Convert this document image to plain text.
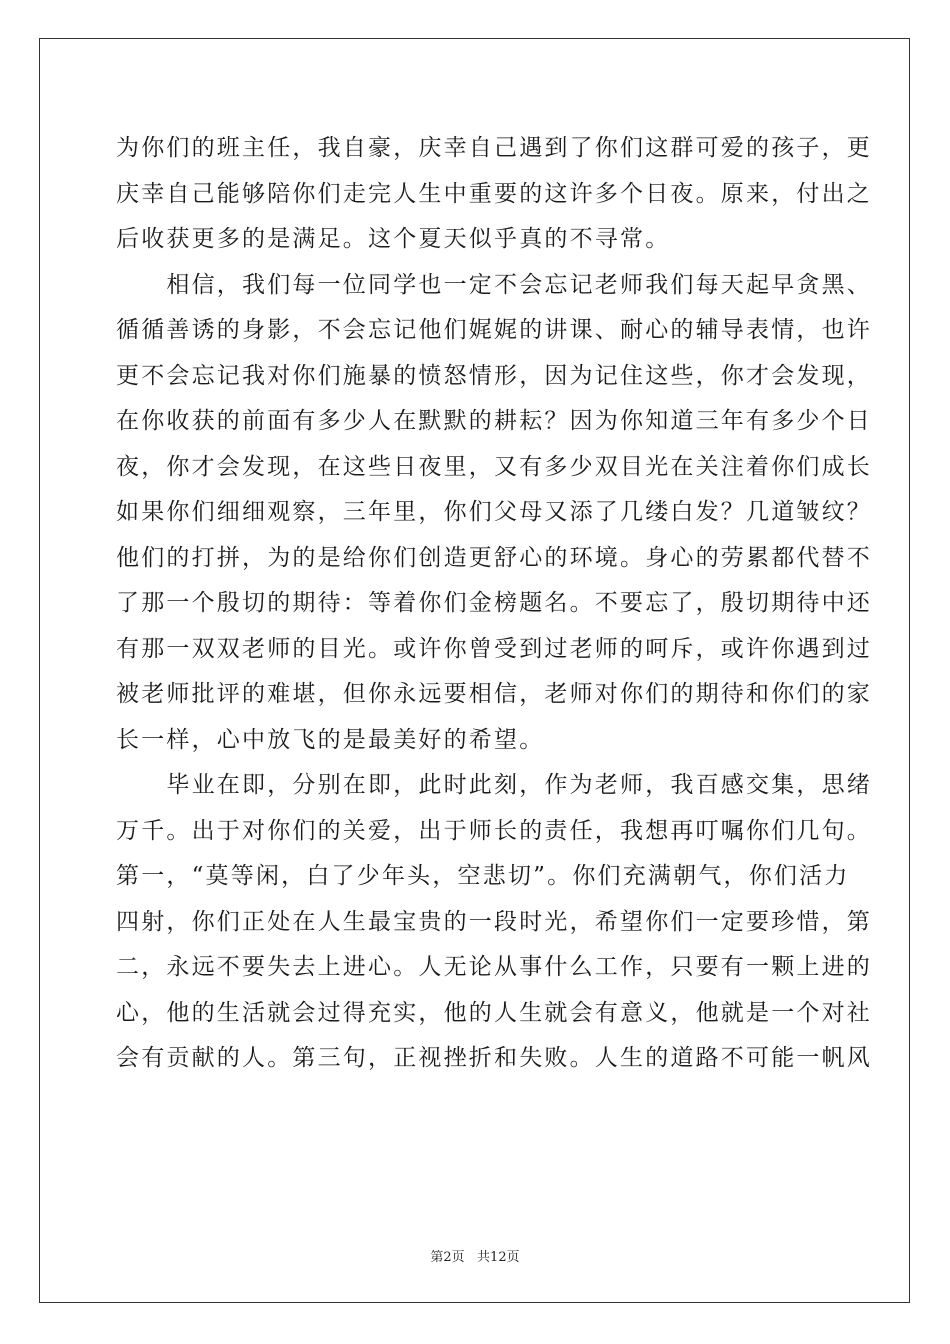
为你们的班主任，我自豪，庆幸自己遇到了你们这群可爱的孩子，更
庆幸自己能够陪你们走完人生中重要的这许多个日夜。原来，付出之
后收获更多的是满足。这个夏天似乎真的不寻常。
　　相信，我们每一位同学也一定不会忘记老师我们每天起早贪黑、
循循善诱的身影，不会忘记他们娓娓的讲课、耐心的辅导表情，也许
更不会忘记我对你们施暴的愤怒情形，因为记住这些，你才会发现，
在你收获的前面有多少人在默默的耕耘？因为你知道三年有多少个日
夜，你才会发现，在这些日夜里，又有多少双目光在关注着你们成长
如果你们细细观察，三年里，你们父母又添了几缕白发？几道皱纹？
他们的打拼，为的是给你们创造更舒心的环境。身心的劳累都代替不
了那一个殷切的期待：等着你们金榜题名。不要忘了，殷切期待中还
有那一双双老师的目光。或许你曾受到过老师的呵斥，或许你遇到过
被老师批评的难堪，但你永远要相信，老师对你们的期待和你们的家
长一样，心中放飞的是最美好的希望。
　　毕业在即，分别在即，此时此刻，作为老师，我百感交集，思绪
万千。出于对你们的关爱，出于师长的责任，我想再叮嘱你们几句。
第一，“莫等闲，白了少年头，空悲切”。你们充满朝气，你们活力
四射，你们正处在人生最宝贵的一段时光，希望你们一定要珍惜，第
二，永远不要失去上进心。人无论从事什么工作，只要有一颗上进的
心，他的生活就会过得充实，他的人生就会有意义，他就是一个对社
会有贡献的人。第三句，正视挫折和失败。人生的道路不可能一帆风
第2页   共12页
